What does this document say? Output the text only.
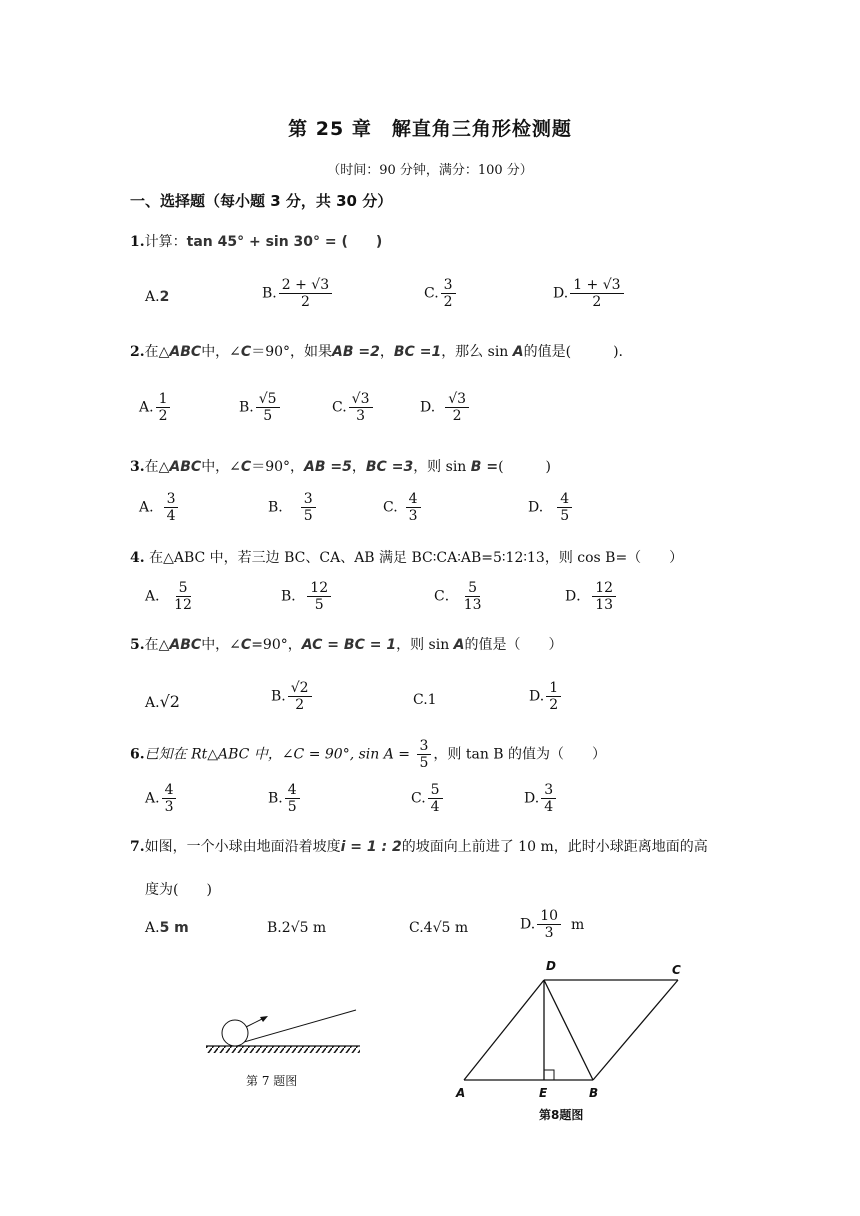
第 25 章　解直角三角形检测题
（时间：90 分钟，满分：100 分）
一、选择题（每小题 3 分，共 30 分）
1.计算：tan 45° + sin 30° = (　　)
A.2	B. $\frac{2 + √3}{2}$	C. $\frac{3}{2}$	D. $\frac{1 + √3}{2}$
2.在△ABC中，∠C＝90°，如果AB =2，BC =1，那么 sin A的值是(　　　).
A. $\frac{1}{2}$	B. $\frac{√5}{5}$	C. $\frac{√3}{3}$	D. $\frac{√3}{2}$
3.在△ABC中，∠C＝90°，AB =5，BC =3，则 sin B =(　　　)
A. $\frac{3}{4}$	B. $\frac{3}{5}$	C. $\frac{4}{3}$	D. $\frac{4}{5}$
4. 在△ABC 中，若三边 BC、CA、AB 满足 BC∶CA∶AB=5∶12∶13，则 cos B=（　　）
A． $\frac{5}{12}$	B． $\frac{12}{5}$	C． $\frac{5}{13}$	D． $\frac{12}{13}$
5.在△ABC中，∠C=90°，AC = BC = 1，则 sin A的值是（　　）
A.√2	B. $\frac{√2}{2}$	C.1	D. $\frac{1}{2}$
6.已知在 Rt△ABC 中，∠C = 90°, $\sin A = \frac{3}{5}$ ，则 tan B 的值为（　　）
A. $\frac{4}{3}$	B. $\frac{4}{5}$	C. $\frac{5}{4}$	D. $\frac{3}{4}$
7.如图，一个小球由地面沿着坡度i = 1 : 2的坡面向上前进了 10 m，此时小球距离地面的高
度为(　　)
A.5 m	B.2√5 m	C.4√5 m	D. $\frac{10}{3}$ m
第 7 题图
D	C
A	E	B
第8题图
